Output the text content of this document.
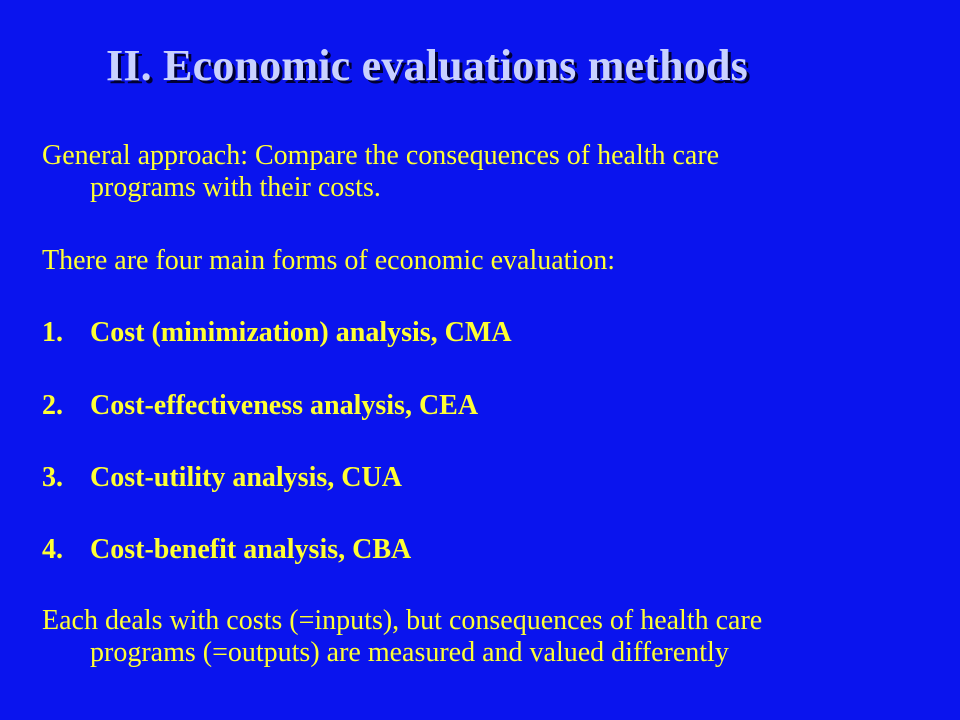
II. Economic evaluations methods
General approach: Compare the consequences of health care
programs with their costs.
There are four main forms of economic evaluation:
1. Cost (minimization) analysis, CMA
2. Cost-effectiveness analysis, CEA
3. Cost-utility analysis, CUA
4. Cost-benefit analysis, CBA
Each deals with costs (=inputs), but consequences of health care
programs (=outputs) are measured and valued differently
